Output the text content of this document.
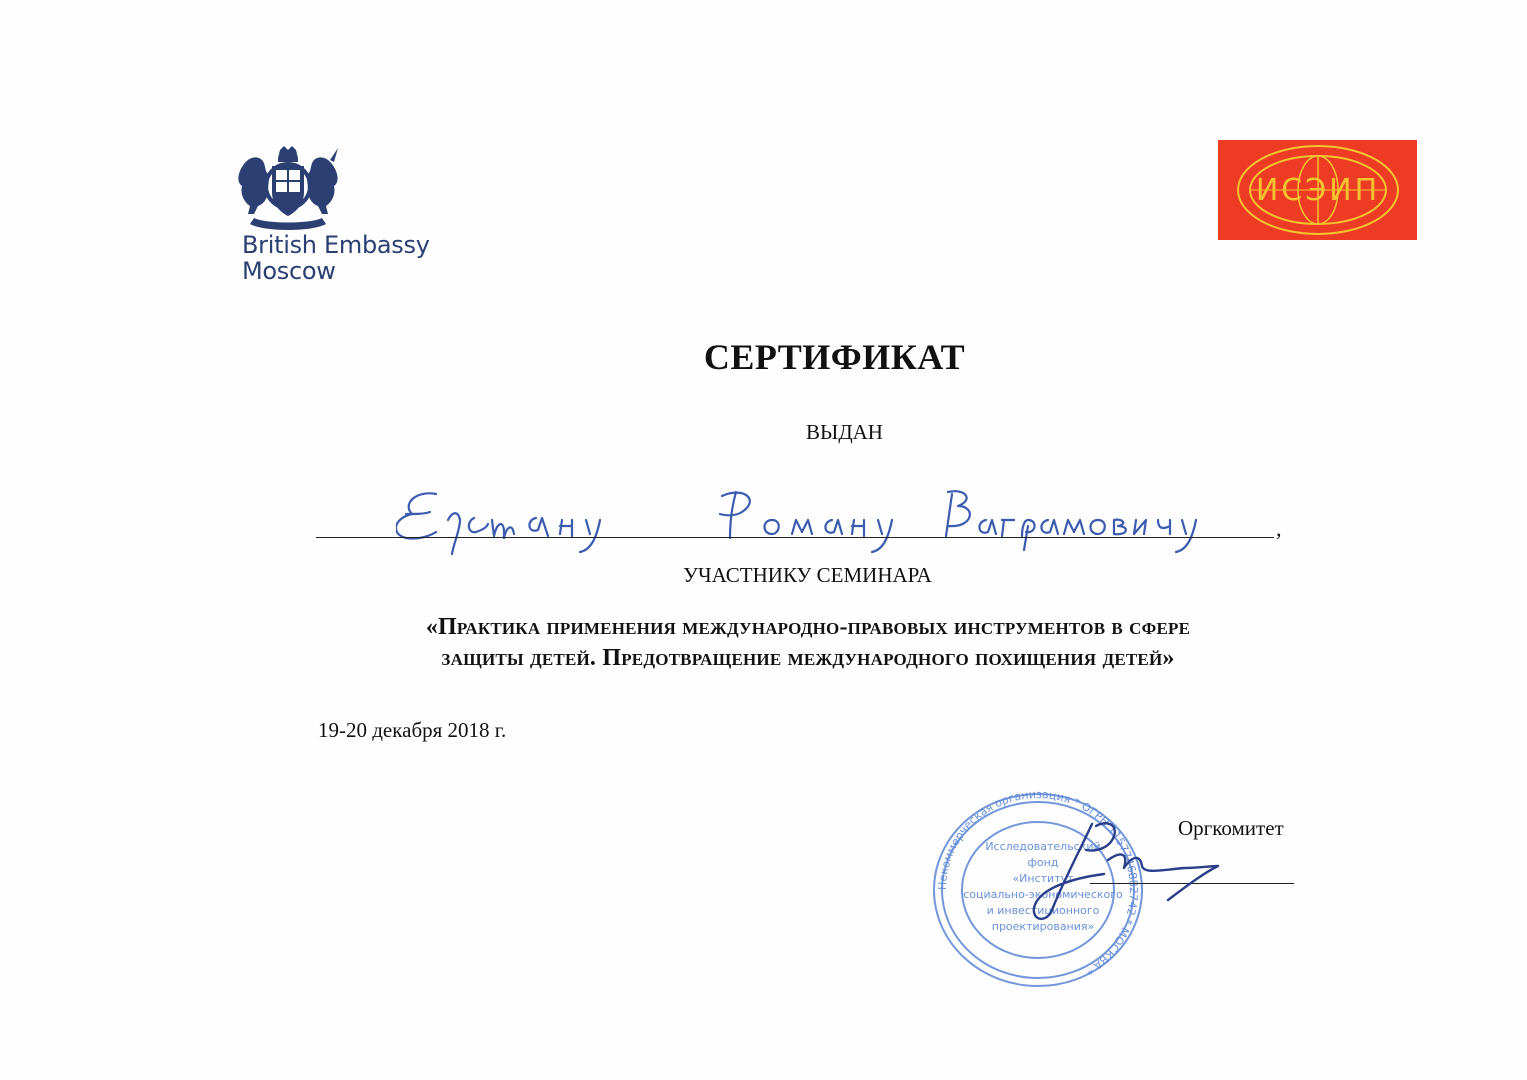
British Embassy
Moscow
ИСЭИП
СЕРТИФИКАТ
ВЫДАН
,
УЧАСТНИКУ СЕМИНАРА
«Практика применения международно-правовых инструментов в сфере
защиты детей. Предотвращение международного похищения детей»
19-20 декабря 2018 г.
Некоммерческая организация * ОГРН 1157746882742 * МОСКВА *
Исследовательский
фонд
«Институт
социально-экономического
и инвестиционного
проектирования»
Оргкомитет
